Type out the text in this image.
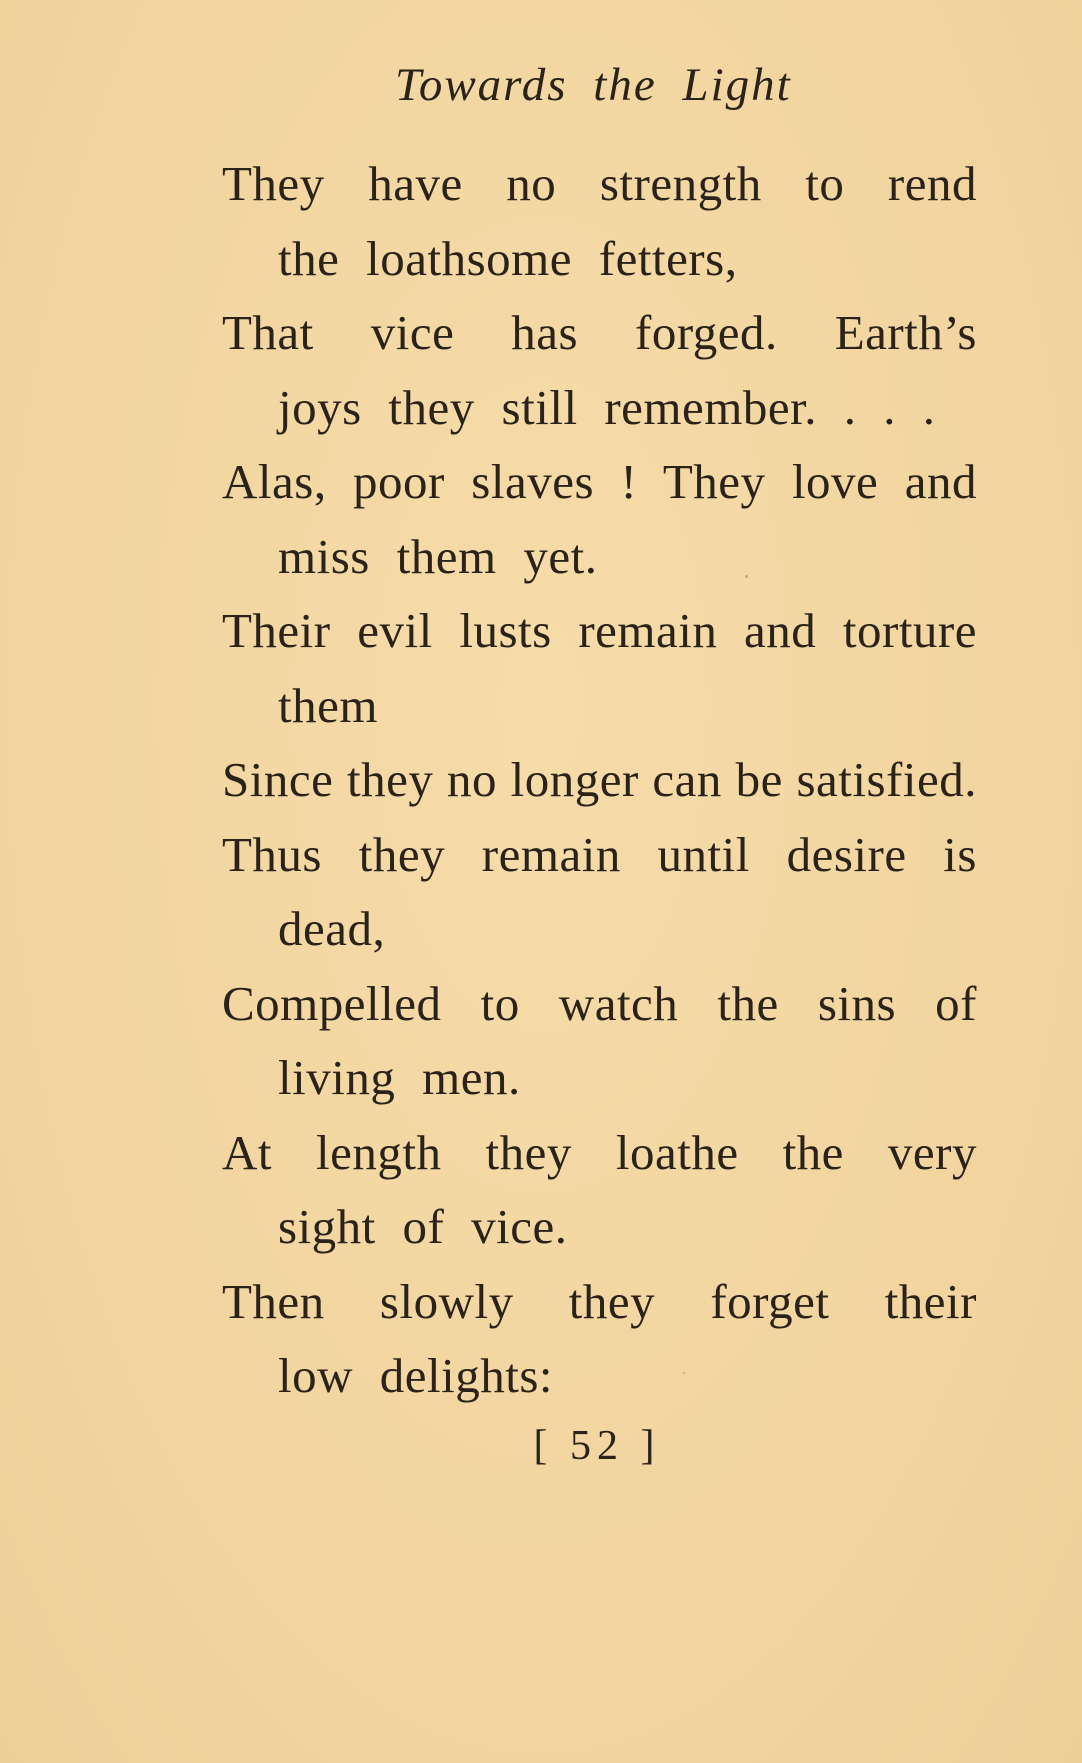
Towards the Light
They have no strength to rend
the loathsome fetters,
That vice has forged. Earth’s
joys they still remember. . . .
Alas, poor slaves ! They love and
miss them yet.
Their evil lusts remain and torture
them
Since they no longer can be satisfied.
Thus they remain until desire is
dead,
Compelled to watch the sins of
living men.
At length they loathe the very
sight of vice.
Then slowly they forget their
low delights:
[ 52 ]
